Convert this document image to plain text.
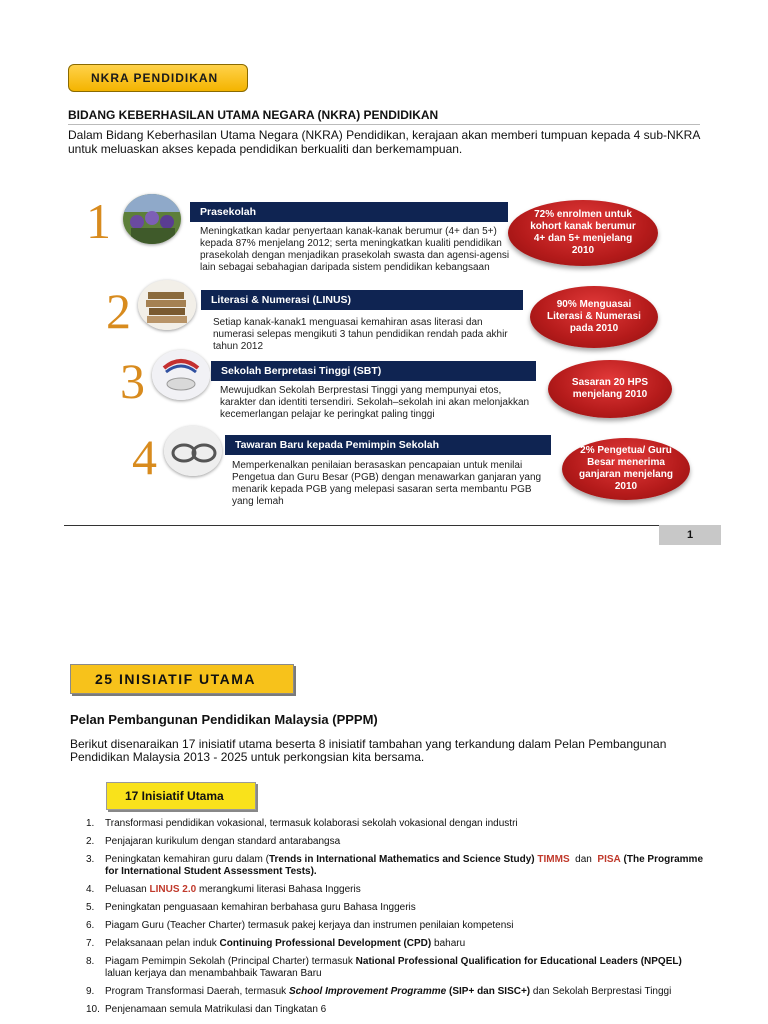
NKRA PENDIDIKAN
BIDANG KEBERHASILAN UTAMA NEGARA (NKRA) PENDIDIKAN
Dalam Bidang Keberhasilan Utama Negara (NKRA) Pendidikan, kerajaan akan memberi tumpuan kepada 4 sub-NKRA untuk meluaskan akses kepada pendidikan berkualiti dan berkemampuan.
1	Prasekolah
Meningkatkan kadar penyertaan kanak-kanak berumur (4+ dan 5+) kepada 87% menjelang 2012; serta meningkatkan kualiti pendidikan prasekolah dengan menjadikan prasekolah swasta dan agensi-agensi lain sebagai sebahagian daripada sistem pendidikan kebangsaan
72% enrolmen untuk kohort kanak berumur 4+ dan 5+ menjelang 2010
2	Literasi & Numerasi (LINUS)
Setiap kanak-kanak1 menguasai kemahiran asas literasi dan numerasi selepas mengikuti 3 tahun pendidikan rendah pada akhir tahun 2012
90% Menguasai Literasi & Numerasi pada 2010
3	Sekolah Berpretasi Tinggi (SBT)
Mewujudkan Sekolah Berprestasi Tinggi yang mempunyai etos, karakter dan identiti tersendiri. Sekolah–sekolah ini akan melonjakkan kecemerlangan pelajar ke peringkat paling tinggi
Sasaran 20 HPS menjelang 2010
4	Tawaran Baru kepada Pemimpin Sekolah
Memperkenalkan penilaian berasaskan pencapaian untuk menilai Pengetua dan Guru Besar (PGB) dengan menawarkan ganjaran yang menarik kepada PGB yang melepasi sasaran serta membantu PGB yang lemah
2% Pengetua/ Guru Besar menerima ganjaran menjelang 2010
1
25 INISIATIF UTAMA
Pelan Pembangunan Pendidikan Malaysia (PPPM)
Berikut disenaraikan 17 inisiatif utama beserta 8 inisiatif tambahan yang terkandung dalam Pelan Pembangunan Pendidikan Malaysia 2013 - 2025 untuk perkongsian kita bersama.
17 Inisiatif Utama
1.	Transformasi pendidikan vokasional, termasuk kolaborasi sekolah vokasional dengan industri
2.	Penjajaran kurikulum dengan standard antarabangsa
3.	Peningkatan kemahiran guru dalam (Trends in International Mathematics and Science Study) TIMMS dan PISA (The Programme for International Student Assessment Tests).
4.	Peluasan LINUS 2.0 merangkumi literasi Bahasa Inggeris
5.	Peningkatan penguasaan kemahiran berbahasa guru Bahasa Inggeris
6.	Piagam Guru (Teacher Charter) termasuk pakej kerjaya dan instrumen penilaian kompetensi
7.	Pelaksanaan pelan induk Continuing Professional Development (CPD) baharu
8.	Piagam Pemimpin Sekolah (Principal Charter) termasuk National Professional Qualification for Educational Leaders (NPQEL) laluan kerjaya dan menambahbaik Tawaran Baru
9.	Program Transformasi Daerah, termasuk School Improvement Programme (SIP+ dan SISC+) dan Sekolah Berprestasi Tinggi
10. Penjenamaan semula Matrikulasi dan Tingkatan 6
